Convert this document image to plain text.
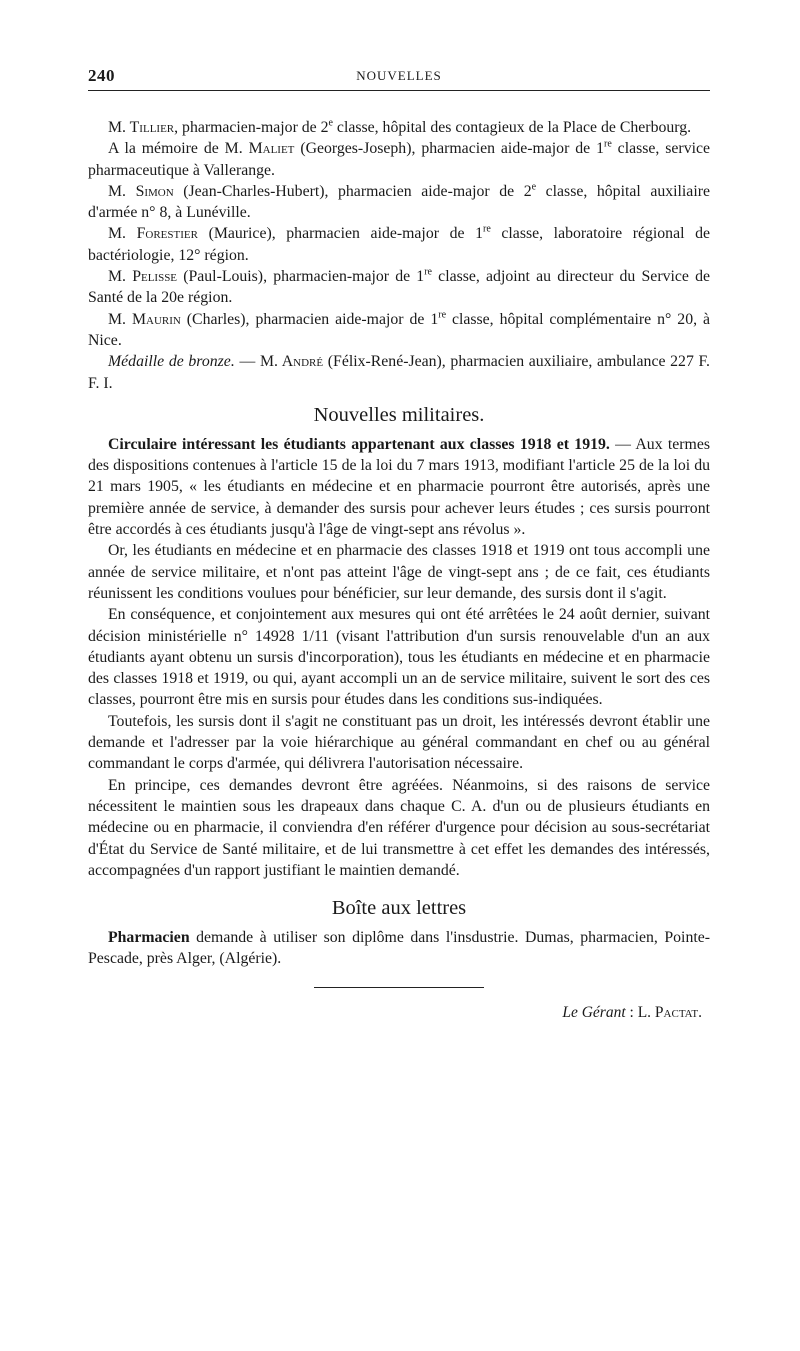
240	NOUVELLES

M. Tillier, pharmacien-major de 2e classe, hôpital des contagieux de la Place de Cherbourg.

A la mémoire de M. Maliet (Georges-Joseph), pharmacien aide-major de 1re classe, service pharmaceutique à Vallerange.

M. Simon (Jean-Charles-Hubert), pharmacien aide-major de 2e classe, hôpital auxiliaire d'armée n° 8, à Lunéville.

M. Forestier (Maurice), pharmacien aide-major de 1re classe, laboratoire régional de bactériologie, 12° région.

M. Pelisse (Paul-Louis), pharmacien-major de 1re classe, adjoint au directeur du Service de Santé de la 20e région.

M. Maurin (Charles), pharmacien aide-major de 1re classe, hôpital complémentaire n° 20, à Nice.

Médaille de bronze. — M. André (Félix-René-Jean), pharmacien auxiliaire, ambulance 227 F. F. I.

Nouvelles militaires.

Circulaire intéressant les étudiants appartenant aux classes 1918 et 1919. — Aux termes des dispositions contenues à l'article 15 de la loi du 7 mars 1913, modifiant l'article 25 de la loi du 21 mars 1905, « les étudiants en médecine et en pharmacie pourront être autorisés, après une première année de service, à demander des sursis pour achever leurs études ; ces sursis pourront être accordés à ces étudiants jusqu'à l'âge de vingt-sept ans révolus ».

Or, les étudiants en médecine et en pharmacie des classes 1918 et 1919 ont tous accompli une année de service militaire, et n'ont pas atteint l'âge de vingt-sept ans ; de ce fait, ces étudiants réunissent les conditions voulues pour bénéficier, sur leur demande, des sursis dont il s'agit.

En conséquence, et conjointement aux mesures qui ont été arrêtées le 24 août dernier, suivant décision ministérielle n° 14928 1/11 (visant l'attribution d'un sursis renouvelable d'un an aux étudiants ayant obtenu un sursis d'incorporation), tous les étudiants en médecine et en pharmacie des classes 1918 et 1919, ou qui, ayant accompli un an de service militaire, suivent le sort des ces classes, pourront être mis en sursis pour études dans les conditions sus-indiquées.

Toutefois, les sursis dont il s'agit ne constituant pas un droit, les intéressés devront établir une demande et l'adresser par la voie hiérarchique au général commandant en chef ou au général commandant le corps d'armée, qui délivrera l'autorisation nécessaire.

En principe, ces demandes devront être agréées. Néanmoins, si des raisons de service nécessitent le maintien sous les drapeaux dans chaque C. A. d'un ou de plusieurs étudiants en médecine ou en pharmacie, il conviendra d'en référer d'urgence pour décision au sous-secrétariat d'État du Service de Santé militaire, et de lui transmettre à cet effet les demandes des intéressés, accompagnées d'un rapport justifiant le maintien demandé.

Boîte aux lettres

Pharmacien demande à utiliser son diplôme dans l'insdustrie. Dumas, pharmacien, Pointe-Pescade, près Alger, (Algérie).

Le Gérant : L. Pactat.
